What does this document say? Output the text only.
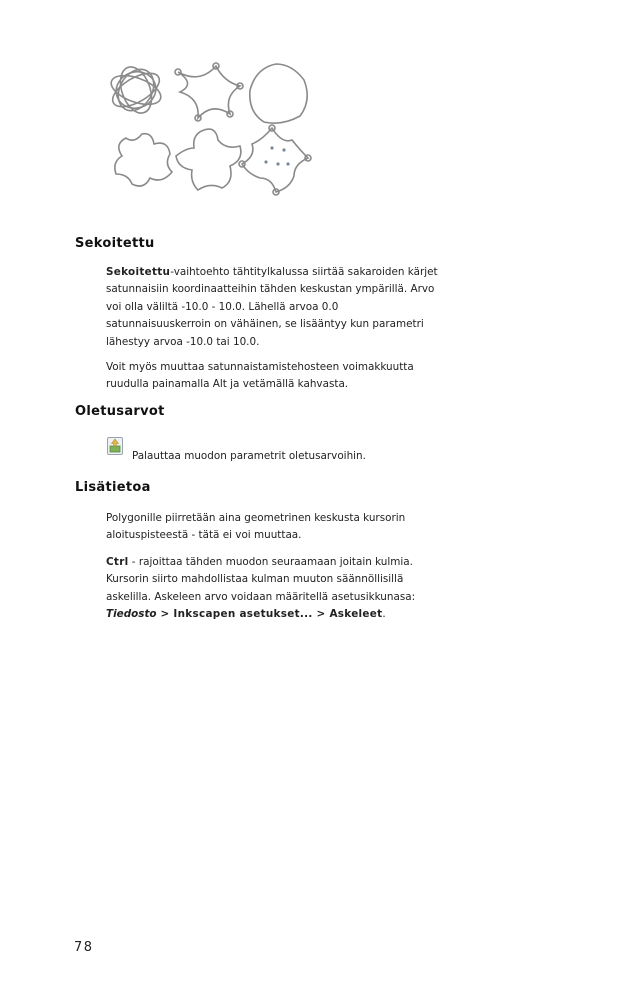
Sekoitettu

Sekoitettu-vaihtoehto tähtitylkalussa siirtää sakaroiden kärjet satunnaisiin koordinaatteihin tähden keskustan ympärillä. Arvo voi olla väliltä -10.0 - 10.0. Lähellä arvoa 0.0 satunnaisuuskerroin on vähäinen, se lisääntyy kun parametri lähestyy arvoa -10.0 tai 10.0.

Voit myös muuttaa satunnaistamistehosteen voimakkuutta ruudulla painamalla Alt ja vetämällä kahvasta.

Oletusarvot
Palauttaa muodon parametrit oletusarvoihin.
Lisätietoa

Polygonille piirretään aina geometrinen keskusta kursorin aloituspisteestä - tätä ei voi muuttaa.

Ctrl - rajoittaa tähden muodon seuraamaan joitain kulmia. Kursorin siirto mahdollistaa kulman muuton säännöllisillä askelilla. Askeleen arvo voidaan määritellä asetusikkunasa: Tiedosto > Inkscapen asetukset... > Askeleet.

78
